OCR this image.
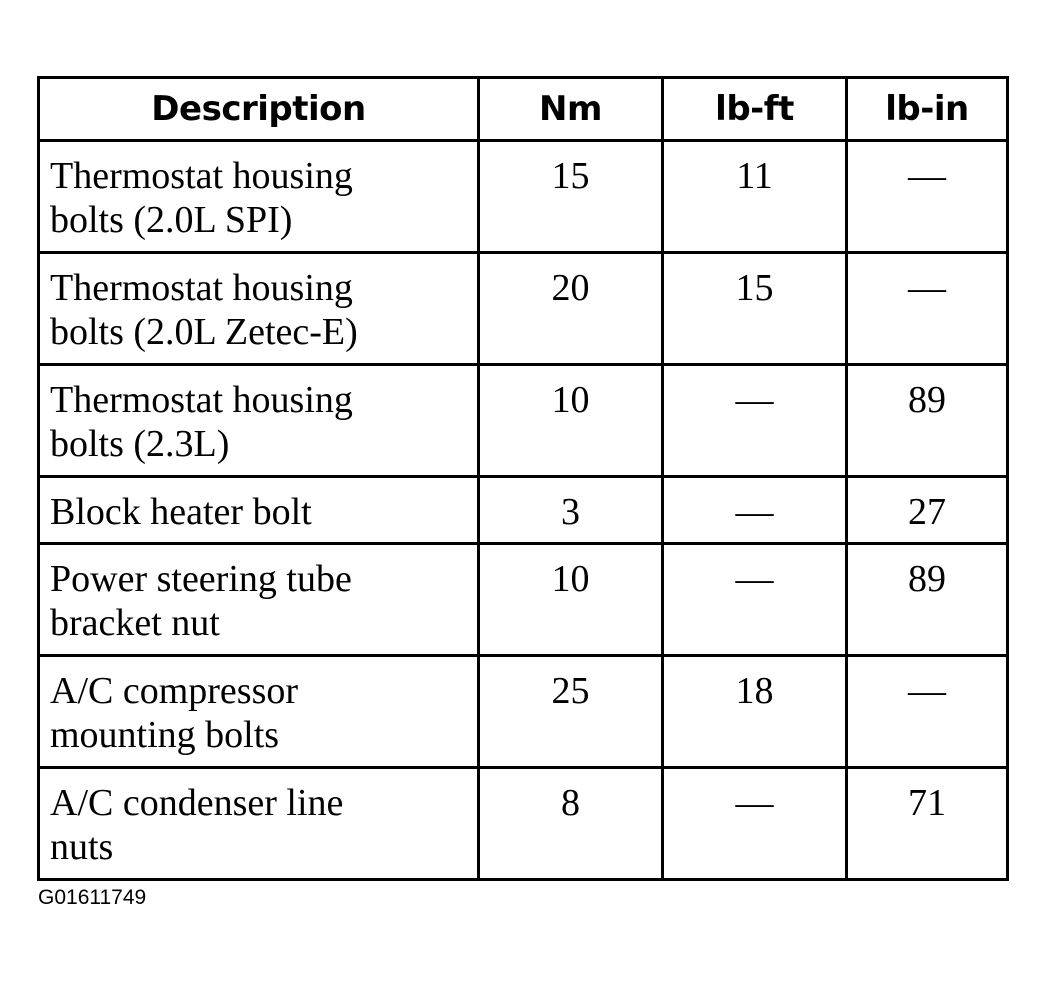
Description	Nm	lb-ft	lb-in
Thermostat housing
bolts (2.0L SPI)	15	11	—
Thermostat housing
bolts (2.0L Zetec-E)	20	15	—
Thermostat housing
bolts (2.3L)	10	—	89
Block heater bolt	3	—	27
Power steering tube
bracket nut	10	—	89
A/C compressor
mounting bolts	25	18	—
A/C condenser line
nuts	8	—	71
G01611749
